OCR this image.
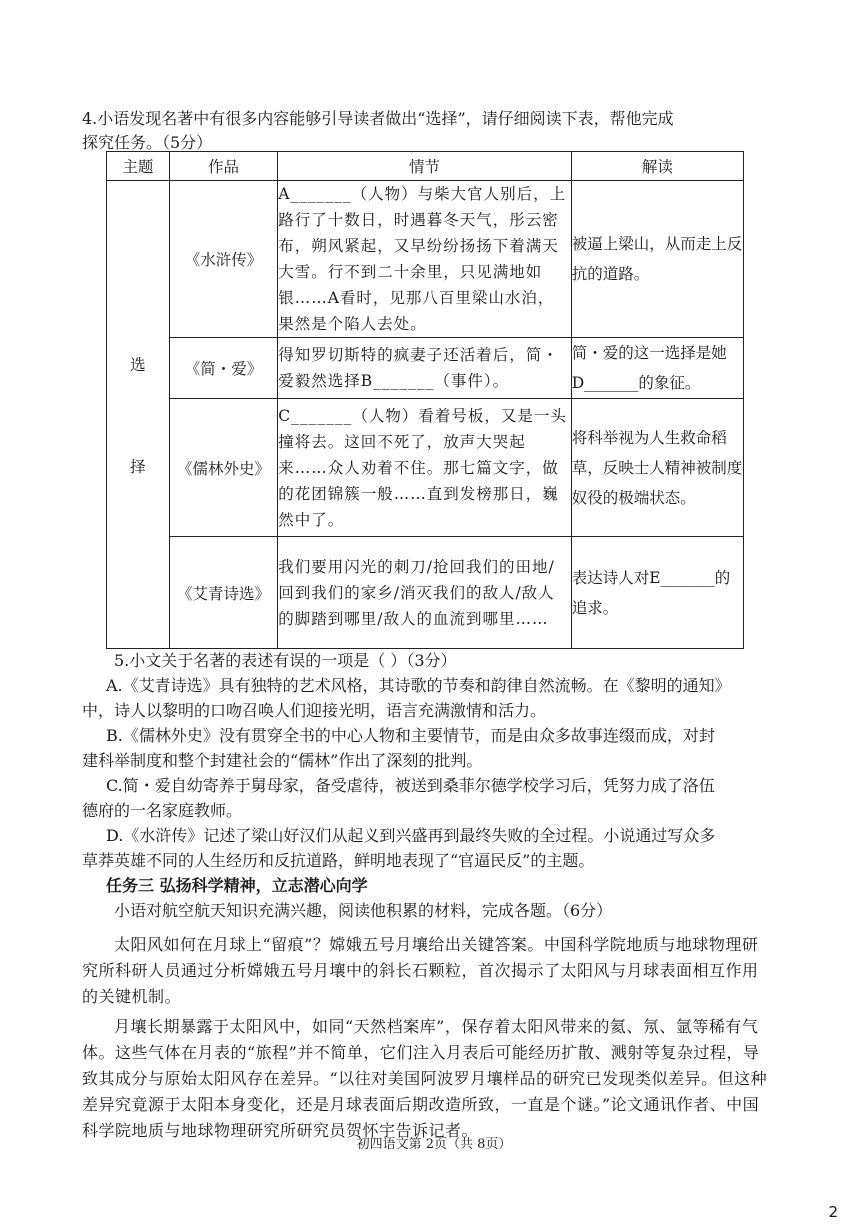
4.小语发现名著中有很多内容能够引导读者做出“选择”，请仔细阅读下表，帮他完成
探究任务。（5分）
主题	作品	情节	解读

选
择	《水浒传》	A_______（人物）与柴大官人别后，上路行了十数日，时遇暮冬天气，彤云密布，朔风紧起，又早纷纷扬扬下着满天大雪。行不到二十余里，只见满地如银……A看时，见那八百里梁山水泊，果然是个陷人去处。	被逼上梁山，从而走上反抗的道路。
	《简・爱》	得知罗切斯特的疯妻子还活着后，简・爱毅然选择B_______（事件）。	简・爱的这一选择是她D_______的象征。
	《儒林外史》	C_______（人物）看着号板，又是一头撞将去。这回不死了，放声大哭起来……众人劝着不住。那七篇文字，做的花团锦簇一般……直到发榜那日，巍然中了。	将科举视为人生救命稻草，反映士人精神被制度奴役的极端状态。
	《艾青诗选》	我们要用闪光的刺刀/抢回我们的田地/回到我们的家乡/消灭我们的敌人/敌人的脚踏到哪里/敌人的血流到哪里……	表达诗人对E_______的追求。
5.小文关于名著的表述有误的一项是（ ）（3分）
A.《艾青诗选》具有独特的艺术风格，其诗歌的节奏和韵律自然流畅。在《黎明的通知》
中，诗人以黎明的口吻召唤人们迎接光明，语言充满激情和活力。
B.《儒林外史》没有贯穿全书的中心人物和主要情节，而是由众多故事连缀而成，对封
建科举制度和整个封建社会的“儒林”作出了深刻的批判。
C.简・爱自幼寄养于舅母家，备受虐待，被送到桑菲尔德学校学习后，凭努力成了洛伍
德府的一名家庭教师。
D.《水浒传》记述了梁山好汉们从起义到兴盛再到最终失败的全过程。小说通过写众多
草莽英雄不同的人生经历和反抗道路，鲜明地表现了“官逼民反”的主题。
任务三 弘扬科学精神，立志潜心向学
小语对航空航天知识充满兴趣，阅读他积累的材料，完成各题。（6分）
太阳风如何在月球上“留痕”？嫦娥五号月壤给出关键答案。中国科学院地质与地球物理研究所科研人员通过分析嫦娥五号月壤中的斜长石颗粒，首次揭示了太阳风与月球表面相互作用的关键机制。
月壤长期暴露于太阳风中，如同“天然档案库”，保存着太阳风带来的氦、氖、氩等稀有气体。这些气体在月表的“旅程”并不简单，它们注入月表后可能经历扩散、溅射等复杂过程，导致其成分与原始太阳风存在差异。“以往对美国阿波罗月壤样品的研究已发现类似差异。但这种差异究竟源于太阳本身变化，还是月球表面后期改造所致，一直是个谜。”论文通讯作者、中国科学院地质与地球物理研究所研究员贺怀宇告诉记者。
初四语文第 2页（共 8页）
2
